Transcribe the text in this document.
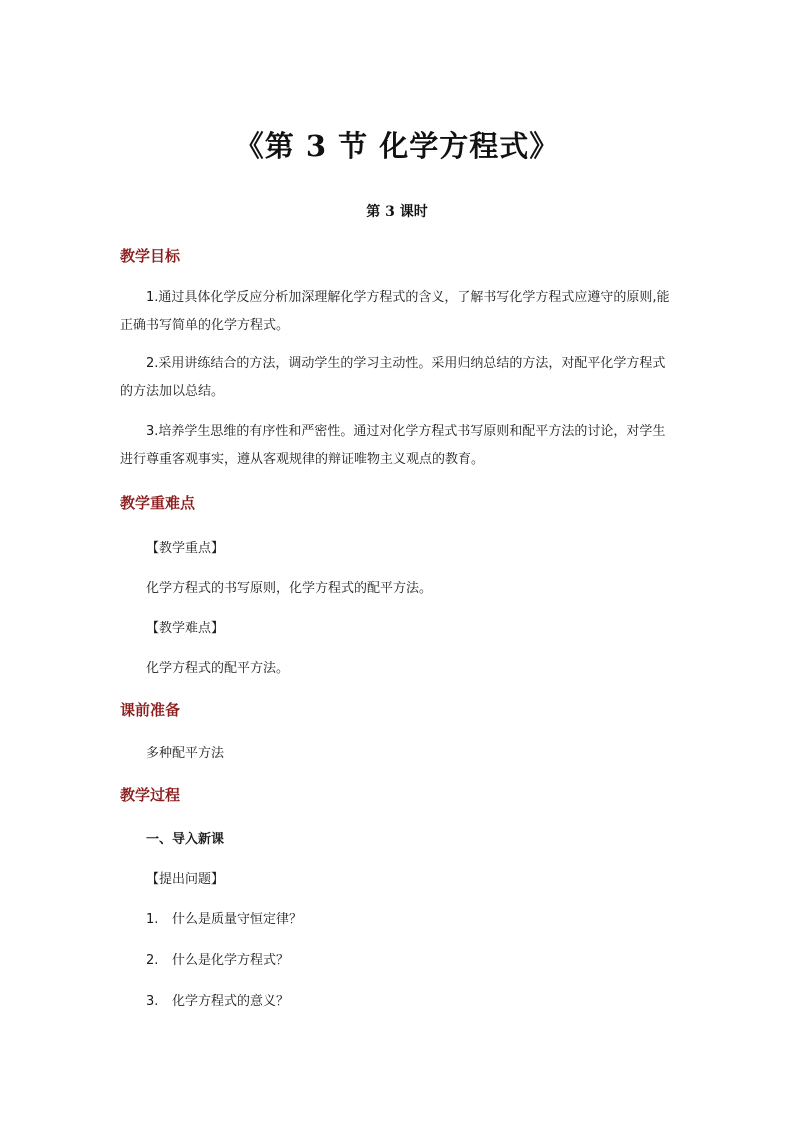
《第 3 节 化学方程式》
第 3 课时
教学目标

1.通过具体化学反应分析加深理解化学方程式的含义，了解书写化学方程式应遵守的原则,能正确书写简单的化学方程式。

2.采用讲练结合的方法，调动学生的学习主动性。采用归纳总结的方法，对配平化学方程式的方法加以总结。

3.培养学生思维的有序性和严密性。通过对化学方程式书写原则和配平方法的讨论，对学生进行尊重客观事实，遵从客观规律的辩证唯物主义观点的教育。

教学重难点
【教学重点】
化学方程式的书写原则，化学方程式的配平方法。
【教学难点】
化学方程式的配平方法。
课前准备
多种配平方法
教学过程
一、导入新课
【提出问题】
1. 什么是质量守恒定律？
2. 什么是化学方程式？
3. 化学方程式的意义？
